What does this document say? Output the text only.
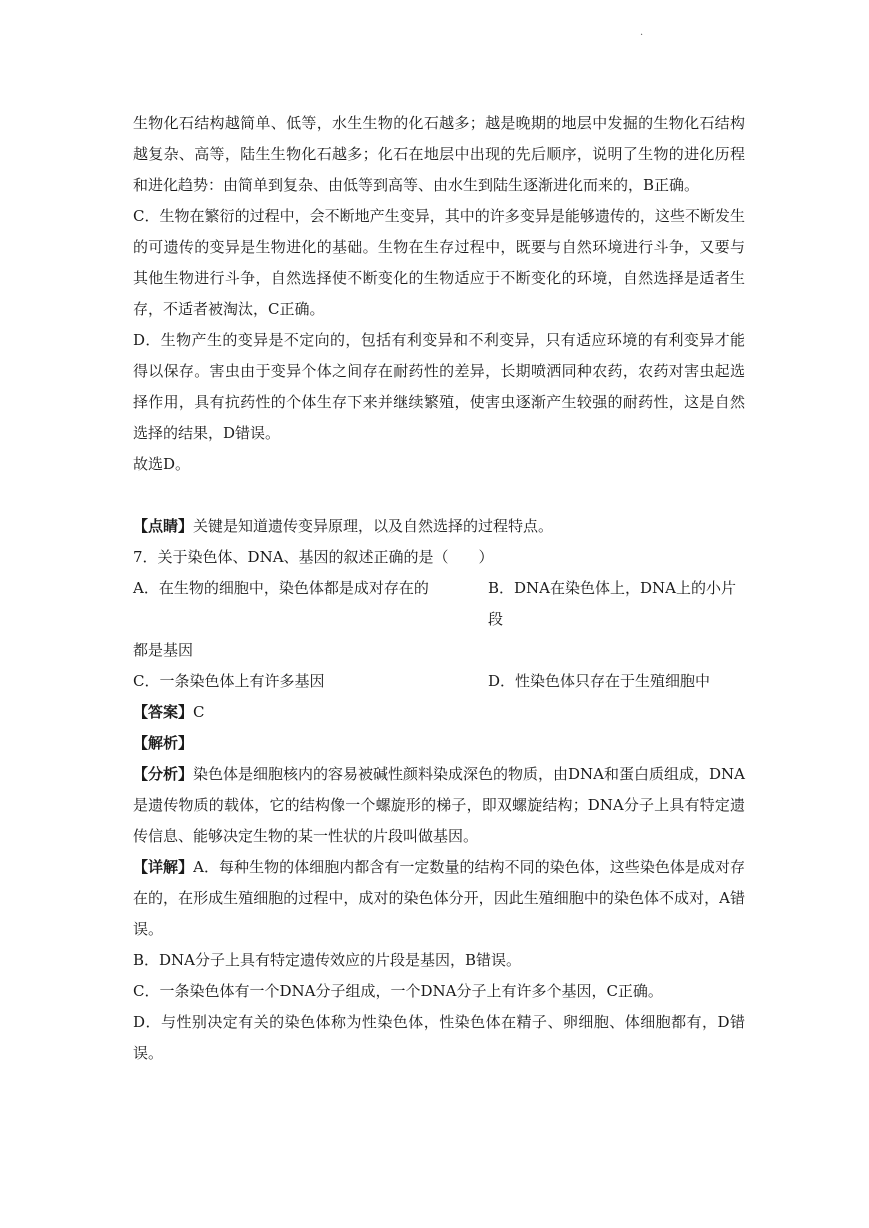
·

生物化石结构越简单、低等，水生生物的化石越多；越是晚期的地层中发掘的生物化石结构越复杂、高等，陆生生物化石越多；化石在地层中出现的先后顺序，说明了生物的进化历程和进化趋势：由简单到复杂、由低等到高等、由水生到陆生逐渐进化而来的，B正确。

C．生物在繁衍的过程中，会不断地产生变异，其中的许多变异是能够遗传的，这些不断发生的可遗传的变异是生物进化的基础。生物在生存过程中，既要与自然环境进行斗争，又要与其他生物进行斗争，自然选择使不断变化的生物适应于不断变化的环境，自然选择是适者生存，不适者被淘汰，C正确。

D．生物产生的变异是不定向的，包括有利变异和不利变异，只有适应环境的有利变异才能得以保存。害虫由于变异个体之间存在耐药性的差异，长期喷洒同种农药，农药对害虫起选择作用，具有抗药性的个体生存下来并继续繁殖，使害虫逐渐产生较强的耐药性，这是自然选择的结果，D错误。

故选D。

【点睛】关键是知道遗传变异原理，以及自然选择的过程特点。

7．关于染色体、DNA、基因的叙述正确的是（　　）

A．在生物的细胞中，染色体都是成对存在的	B．DNA在染色体上，DNA上的小片段

都是基因

C．一条染色体上有许多基因	D．性染色体只存在于生殖细胞中

【答案】C

【解析】

【分析】染色体是细胞核内的容易被碱性颜料染成深色的物质，由DNA和蛋白质组成，DNA是遗传物质的载体，它的结构像一个螺旋形的梯子，即双螺旋结构；DNA分子上具有特定遗传信息、能够决定生物的某一性状的片段叫做基因。

【详解】A．每种生物的体细胞内都含有一定数量的结构不同的染色体，这些染色体是成对存在的，在形成生殖细胞的过程中，成对的染色体分开，因此生殖细胞中的染色体不成对，A错误。

B．DNA分子上具有特定遗传效应的片段是基因，B错误。

C．一条染色体有一个DNA分子组成，一个DNA分子上有许多个基因，C正确。

D．与性别决定有关的染色体称为性染色体，性染色体在精子、卵细胞、体细胞都有，D错误。
